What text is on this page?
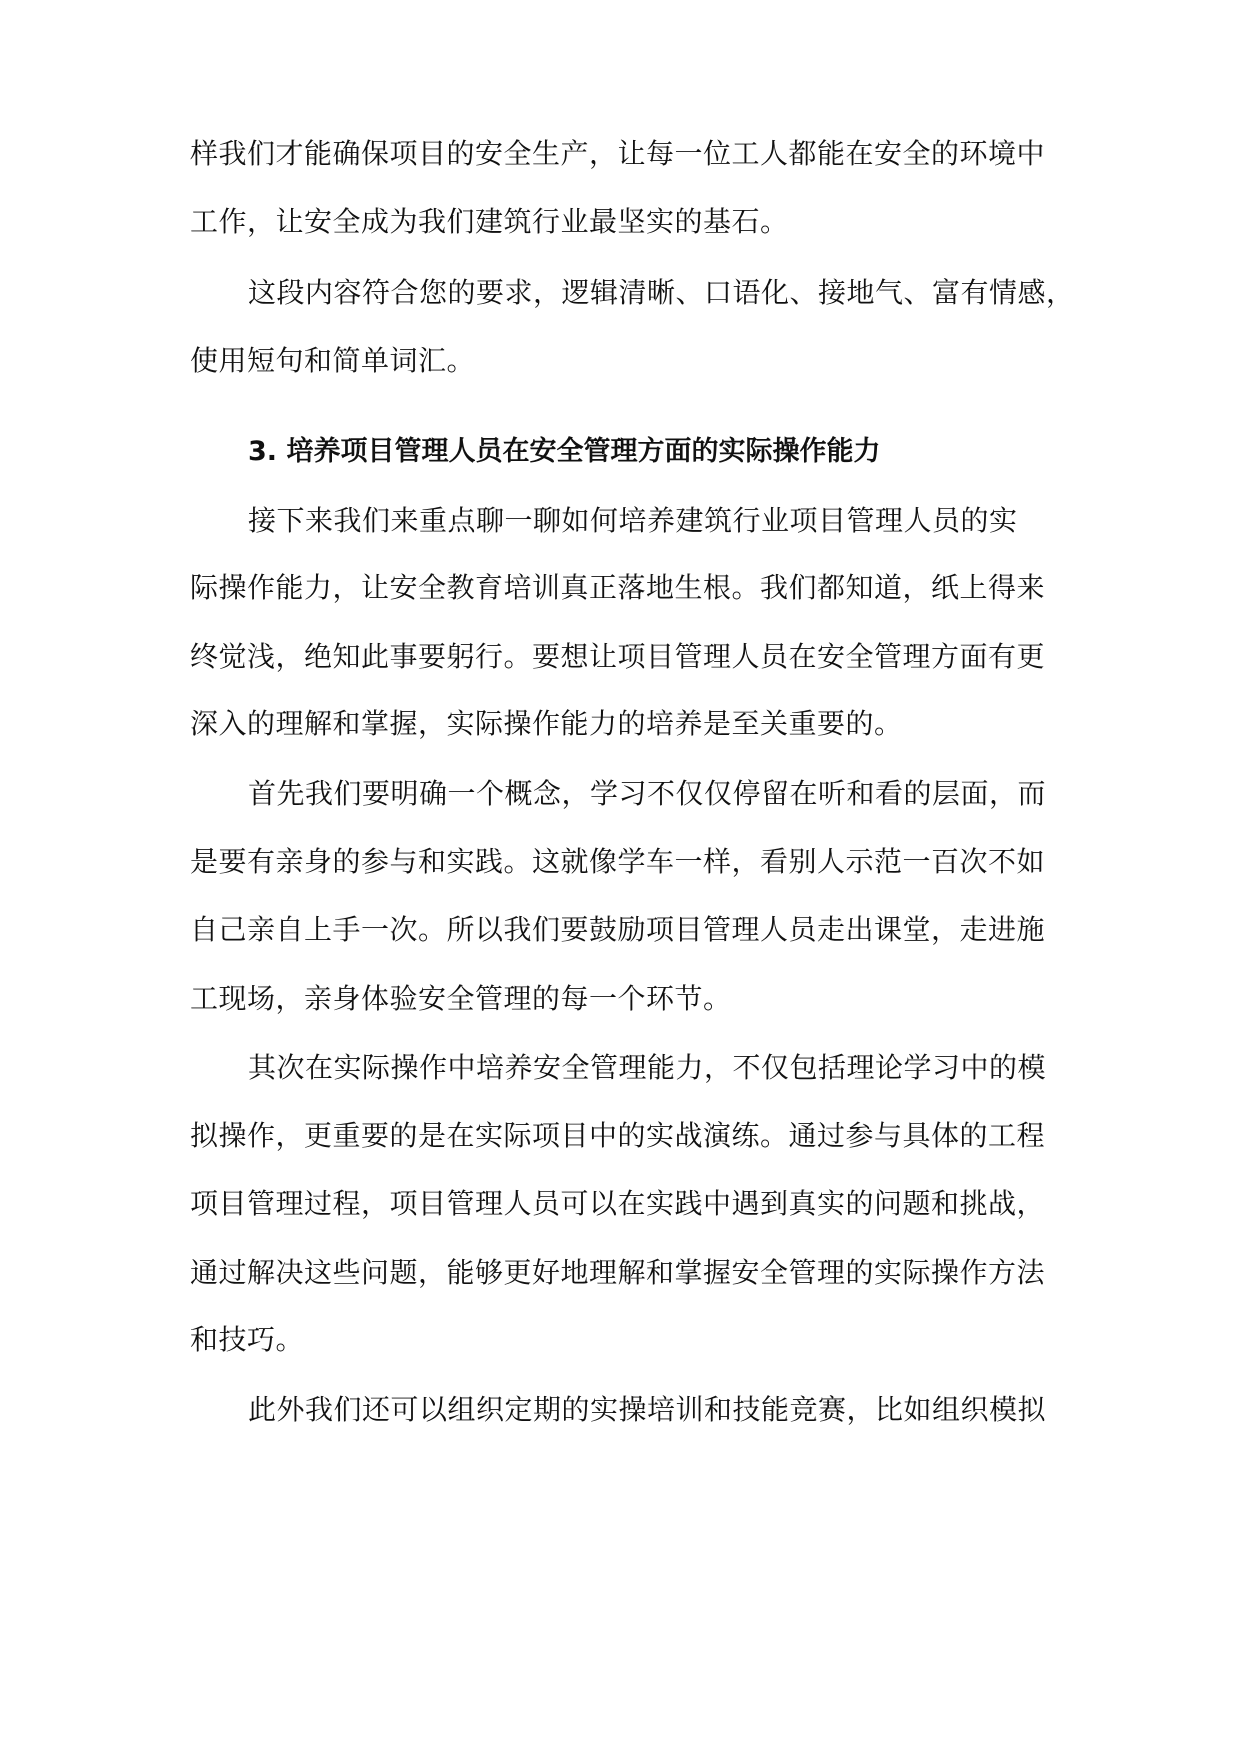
样我们才能确保项目的安全生产，让每一位工人都能在安全的环境中
工作，让安全成为我们建筑行业最坚实的基石。
这段内容符合您的要求，逻辑清晰、口语化、接地气、富有情感，
使用短句和简单词汇。
3. 培养项目管理人员在安全管理方面的实际操作能力
接下来我们来重点聊一聊如何培养建筑行业项目管理人员的实
际操作能力，让安全教育培训真正落地生根。我们都知道，纸上得来
终觉浅，绝知此事要躬行。要想让项目管理人员在安全管理方面有更
深入的理解和掌握，实际操作能力的培养是至关重要的。
首先我们要明确一个概念，学习不仅仅停留在听和看的层面，而
是要有亲身的参与和实践。这就像学车一样，看别人示范一百次不如
自己亲自上手一次。所以我们要鼓励项目管理人员走出课堂，走进施
工现场，亲身体验安全管理的每一个环节。
其次在实际操作中培养安全管理能力，不仅包括理论学习中的模
拟操作，更重要的是在实际项目中的实战演练。通过参与具体的工程
项目管理过程，项目管理人员可以在实践中遇到真实的问题和挑战，
通过解决这些问题，能够更好地理解和掌握安全管理的实际操作方法
和技巧。
此外我们还可以组织定期的实操培训和技能竞赛，比如组织模拟
